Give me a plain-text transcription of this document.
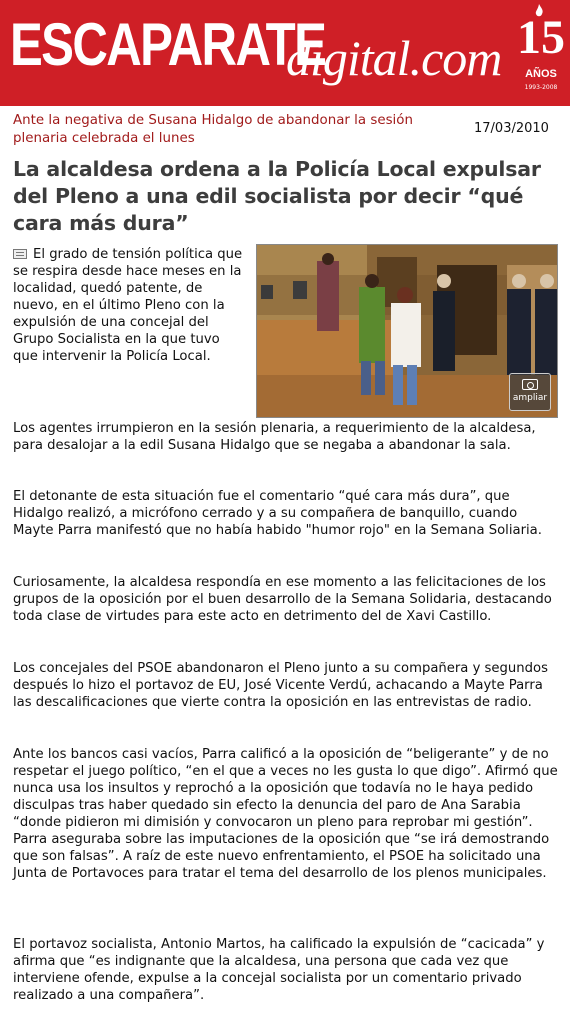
ESCAPARATE
digital.com 15
AÑOS
1993-2008
Ante la negativa de Susana Hidalgo de abandonar la sesión plenaria celebrada el lunes
17/03/2010
La alcaldesa ordena a la Policía Local expulsar del Pleno a una edil socialista por decir “qué cara más dura”
El grado de tensión política que se respira desde hace meses en la localidad, quedó patente, de nuevo, en el último Pleno con la expulsión de una concejal del Grupo Socialista en la que tuvo que intervenir la Policía Local.
ampliar

Los agentes irrumpieron en la sesión plenaria, a requerimiento de la alcaldesa, para desalojar a la edil Susana Hidalgo que se negaba a abandonar la sala.

El detonante de esta situación fue el comentario “qué cara más dura”, que Hidalgo realizó, a micrófono cerrado y a su compañera de banquillo, cuando Mayte Parra manifestó que no había habido "humor rojo" en la Semana Soliaria.

Curiosamente, la alcaldesa respondía en ese momento a las felicitaciones de los grupos de la oposición por el buen desarrollo de la Semana Solidaria, destacando toda clase de virtudes para este acto en detrimento del de Xavi Castillo.

Los concejales del PSOE abandonaron el Pleno junto a su compañera y segundos después lo hizo el portavoz de EU, José Vicente Verdú, achacando a Mayte Parra las descalificaciones que vierte contra la oposición en las entrevistas de radio.

Ante los bancos casi vacíos, Parra calificó a la oposición de “beligerante” y de no respetar el juego político, “en el que a veces no les gusta lo que digo”. Afirmó que nunca usa los insultos y reprochó a la oposición que todavía no le haya pedido disculpas tras haber quedado sin efecto la denuncia del paro de Ana Sarabia “donde pidieron mi dimisión y convocaron un pleno para reprobar mi gestión”. Parra aseguraba sobre las imputaciones de la oposición que “se irá demostrando que son falsas”. A raíz de este nuevo enfrentamiento, el PSOE ha solicitado una Junta de Portavoces para tratar el tema del desarrollo de los plenos municipales.

El portavoz socialista, Antonio Martos, ha calificado la expulsión de “cacicada” y afirma que “es indignante que la alcaldesa, una persona que cada vez que interviene ofende, expulse a la concejal socialista por un comentario privado realizado a una compañera”.
